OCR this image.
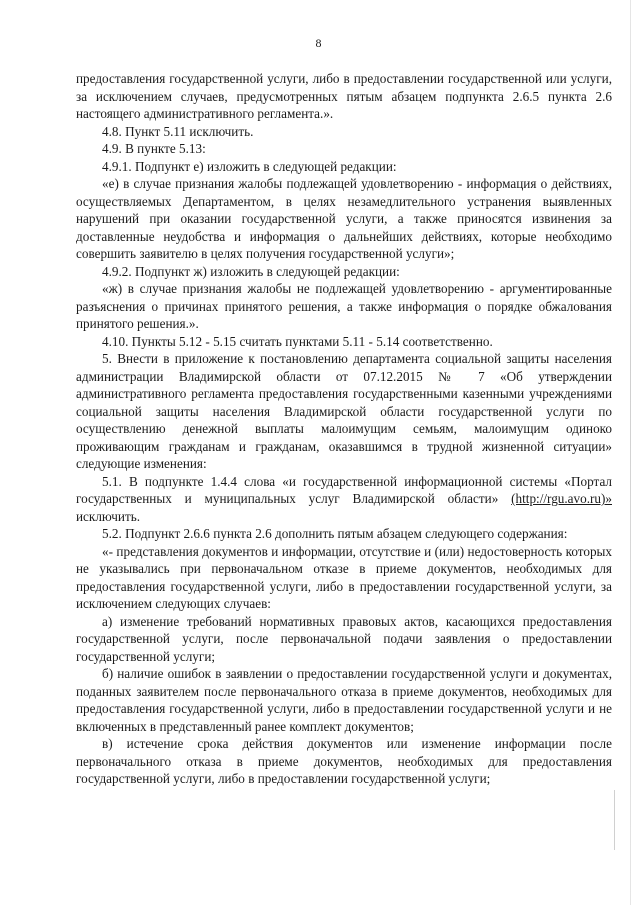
8

предоставления государственной услуги, либо в предоставлении государственной или услуги, за исключением случаев, предусмотренных пятым абзацем подпункта 2.6.5 пункта 2.6 настоящего административного регламента.».

4.8. Пункт 5.11 исключить.

4.9. В пункте 5.13:

4.9.1. Подпункт е) изложить в следующей редакции:

«е) в случае признания жалобы подлежащей удовлетворению - информация о действиях, осуществляемых Департаментом, в целях незамедлительного устранения выявленных нарушений при оказании государственной услуги, а также приносятся извинения за доставленные неудобства и информация о дальнейших действиях, которые необходимо совершить заявителю в целях получения государственной услуги»;

4.9.2. Подпункт ж) изложить в следующей редакции:

«ж) в случае признания жалобы не подлежащей удовлетворению - аргументированные разъяснения о причинах принятого решения, а также информация о порядке обжалования принятого решения.».

4.10. Пункты 5.12 - 5.15 считать пунктами 5.11 - 5.14 соответственно.

5. Внести в приложение к постановлению департамента социальной защиты населения администрации Владимирской области от 07.12.2015 № 7 «Об утверждении административного регламента предоставления государственными казенными учреждениями социальной защиты населения Владимирской области государственной услуги по осуществлению денежной выплаты малоимущим семьям, малоимущим одиноко проживающим гражданам и гражданам, оказавшимся в трудной жизненной ситуации» следующие изменения:

5.1. В подпункте 1.4.4 слова «и государственной информационной системы «Портал государственных и муниципальных услуг Владимирской области» (http://rgu.avo.ru)» исключить.

5.2. Подпункт 2.6.6 пункта 2.6 дополнить пятым абзацем следующего содержания:

«- представления документов и информации, отсутствие и (или) недостоверность которых не указывались при первоначальном отказе в приеме документов, необходимых для предоставления государственной услуги, либо в предоставлении государственной услуги, за исключением следующих случаев:

а) изменение требований нормативных правовых актов, касающихся предоставления государственной услуги, после первоначальной подачи заявления о предоставлении государственной услуги;

б) наличие ошибок в заявлении о предоставлении государственной услуги и документах, поданных заявителем после первоначального отказа в приеме документов, необходимых для предоставления государственной услуги, либо в предоставлении государственной услуги и не включенных в представленный ранее комплект документов;

в) истечение срока действия документов или изменение информации после первоначального отказа в приеме документов, необходимых для предоставления государственной услуги, либо в предоставлении государственной услуги;
